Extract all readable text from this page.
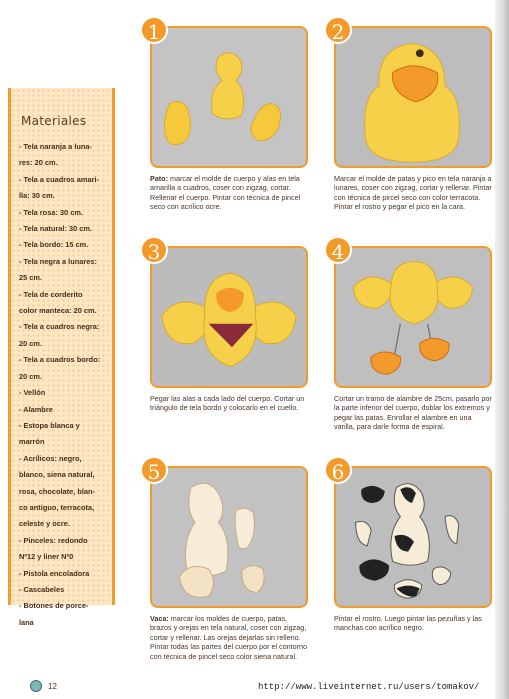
Materiales
- Tela naranja a luna-
res: 20 cm.
- Tela a cuadros amari-
lla: 30 cm.
- Tela rosa: 30 cm.
- Tela natural: 30 cm.
- Tela bordo: 15 cm.
- Tela negra a lunares:
25 cm.
- Tela de corderito
color manteca: 20 cm.
- Tela a cuadros negra:
20 cm.
- Tela a cuadros bordo:
20 cm.
- Vellón
- Alambre
- Estopa blanca y
marrón
- Acrílicos: negro,
blanco, siena natural,
rosa, chocolate, blan-
co antiguo, terracota,
celeste y ocre.
- Pinceles: redondo
Nº12 y liner Nº0
- Pistola encoladora
- Cascabeles
- Botones de porce-
lana
1

Pato: marcar el molde de cuerpo y alas en tela amarilla a cuadros, coser con zigzag, cortar. Rellenar el cuerpo. Pintar con técnica de pincel seco con acrílico ocre.

2

Marcar el molde de patas y pico en tela naranja a lunares, coser con zigzag, cortar y rellenar. Pintar con técnica de pircel seco con color terracota. Pintar el rostro y pegar el pico en la cara.

3

Pegar las alas a cada lado del cuerpo. Cortar un triángulo de tela bordo y colocarlo en el cuello.

4

Cortar un tramo de alambre de 25cm, pasarlo por la parte inferior del cuerpo, doblar los extremos y pegar las patas. Enrollar el alambre en una varilla, para darle forma de espiral.

5

Vaca: marcar los moldes de cuerpo, patas, brazos y orejas en tela natural, coser con zigzag, cortar y rellenar. Las orejas dejarlas sin relleno. Pintar todas las partes del cuerpo por el contorno con técnica de pincel seco color siena natural.

6

Pintar el rostro. Luego pintar las pezuñas y las manchas con acrílico negro.

12	http://www.liveinternet.ru/users/tomakov/
